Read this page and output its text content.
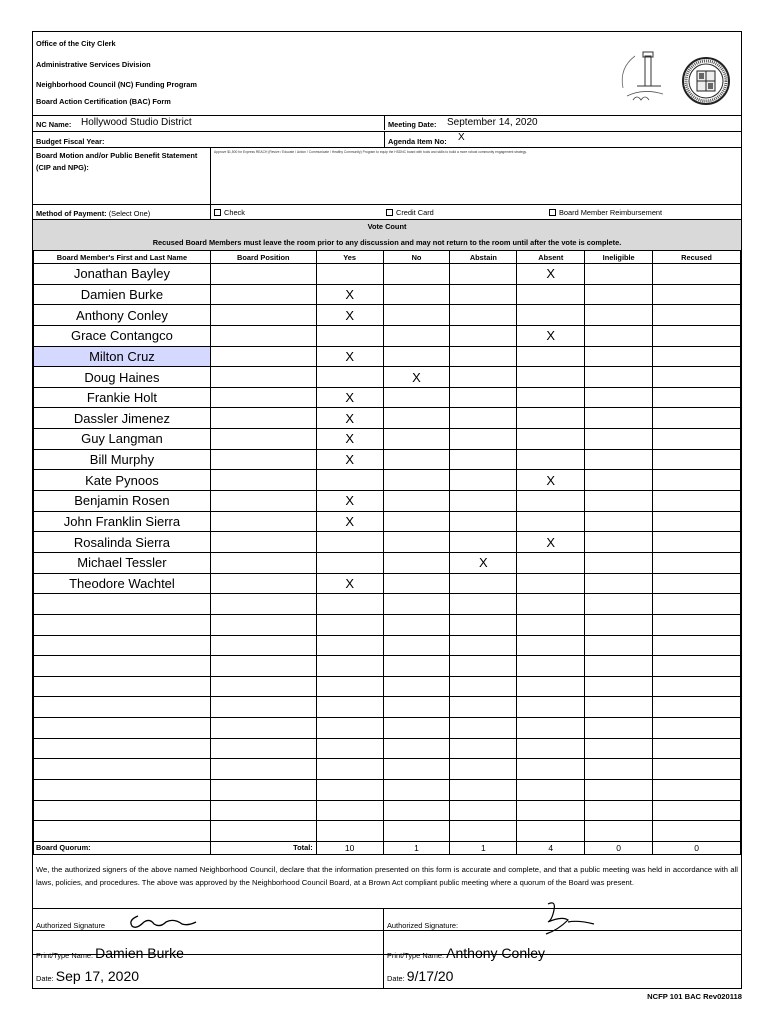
Office of the City Clerk
Administrative Services Division
Neighborhood Council (NC) Funding Program
Board Action Certification (BAC) Form
NC Name: Hollywood Studio District	Meeting Date: September 14, 2020
Budget Fiscal Year:	Agenda Item No: X
Board Motion and/or Public Benefit Statement (CIP and NPG):
Approve $1,500 for Express REACH (Revive / Educate / Action / Communicate / Healthy Community) Program to equip the HSDNC board with tools and skills to build a more robust community engagement strategy.
Method of Payment: (Select One)	Check	Credit Card	Board Member Reimbursement
Vote Count
Recused Board Members must leave the room prior to any discussion and may not return to the room until after the vote is complete.
Board Member's First and Last Name	Board Position	Yes	No	Abstain	Absent	Ineligible	Recused
Jonathan Bayley					X		
Damien Burke		X					
Anthony Conley		X					
Grace Contangco					X		
Milton Cruz		X					
Doug Haines			X				
Frankie Holt		X					
Dassler Jimenez		X					
Guy Langman		X					
Bill Murphy		X					
Kate Pynoos					X		
Benjamin Rosen		X					
John Franklin Sierra		X					
Rosalinda Sierra					X		
Michael Tessler				X			
Theodore Wachtel		X					

Board Quorum:	Total:	10	1	1	4	0	0
We, the authorized signers of the above named Neighborhood Council, declare that the information presented on this form is accurate and complete, and that a public meeting was held in accordance with all laws, policies, and procedures. The above was approved by the Neighborhood Council Board, at a Brown Act compliant public meeting where a quorum of the Board was present.
Authorized Signature	Authorized Signature:
Print/Type Name: Damien Burke	Print/Type Name: Anthony Conley
Date: Sep 17, 2020	Date: 9/17/20
NCFP 101 BAC Rev020118
